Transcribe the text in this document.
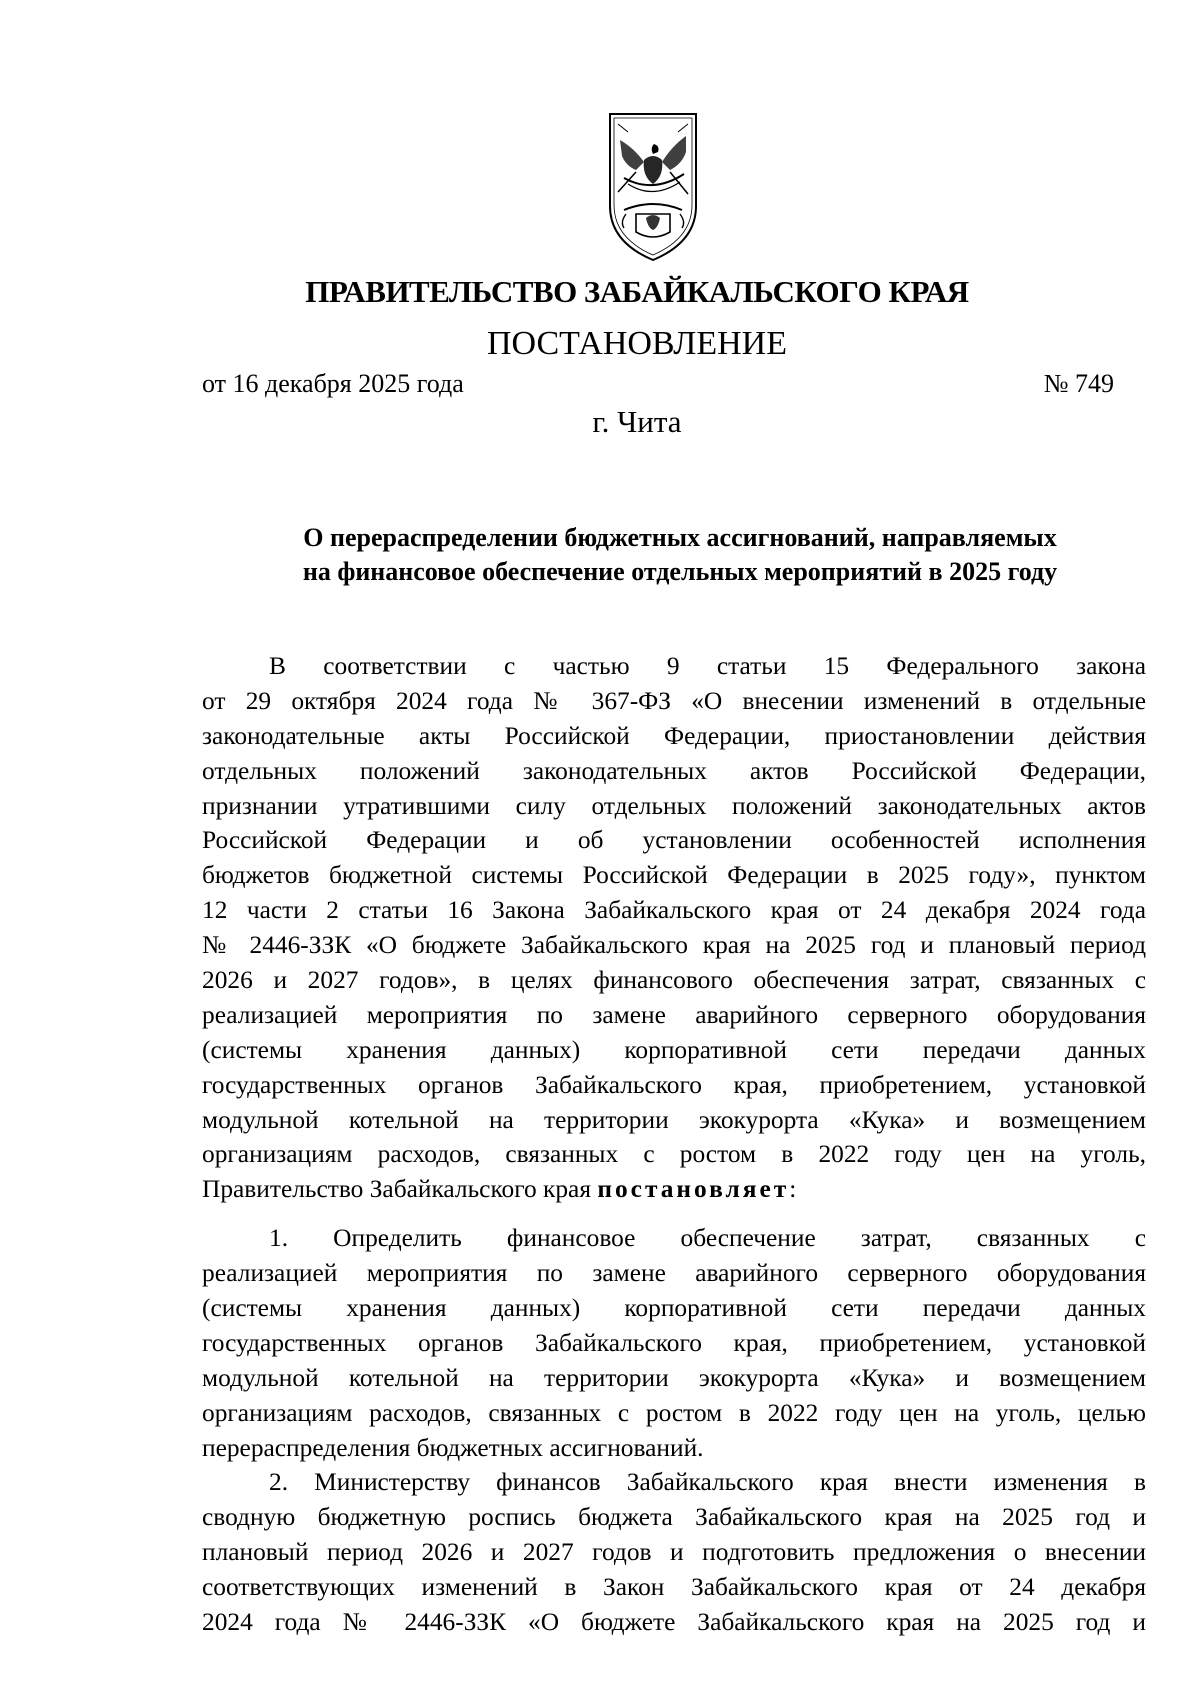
ПРАВИТЕЛЬСТВО ЗАБАЙКАЛЬСКОГО КРАЯ
ПОСТАНОВЛЕНИЕ
от 16 декабря 2025 года	№ 749
г. Чита
О перераспределении бюджетных ассигнований, направляемых
на финансовое обеспечение отдельных мероприятий в 2025 году
В соответствии с частью 9 статьи 15 Федерального закона
от 29 октября 2024 года № 367-ФЗ «О внесении изменений в отдельные
законодательные акты Российской Федерации, приостановлении действия
отдельных положений законодательных актов Российской Федерации,
признании утратившими силу отдельных положений законодательных актов
Российской Федерации и об установлении особенностей исполнения
бюджетов бюджетной системы Российской Федерации в 2025 году», пунктом
12 части 2 статьи 16 Закона Забайкальского края от 24 декабря 2024 года
№ 2446-ЗЗК «О бюджете Забайкальского края на 2025 год и плановый период
2026 и 2027 годов», в целях финансового обеспечения затрат, связанных с
реализацией мероприятия по замене аварийного серверного оборудования
(системы хранения данных) корпоративной сети передачи данных
государственных органов Забайкальского края, приобретением, установкой
модульной котельной на территории экокурорта «Кука» и возмещением
организациям расходов, связанных с ростом в 2022 году цен на уголь,
Правительство Забайкальского края постановляет:
1. Определить финансовое обеспечение затрат, связанных с
реализацией мероприятия по замене аварийного серверного оборудования
(системы хранения данных) корпоративной сети передачи данных
государственных органов Забайкальского края, приобретением, установкой
модульной котельной на территории экокурорта «Кука» и возмещением
организациям расходов, связанных с ростом в 2022 году цен на уголь, целью
перераспределения бюджетных ассигнований.
2. Министерству финансов Забайкальского края внести изменения в
сводную бюджетную роспись бюджета Забайкальского края на 2025 год и
плановый период 2026 и 2027 годов и подготовить предложения о внесении
соответствующих изменений в Закон Забайкальского края от 24 декабря
2024 года № 2446-ЗЗК «О бюджете Забайкальского края на 2025 год и
